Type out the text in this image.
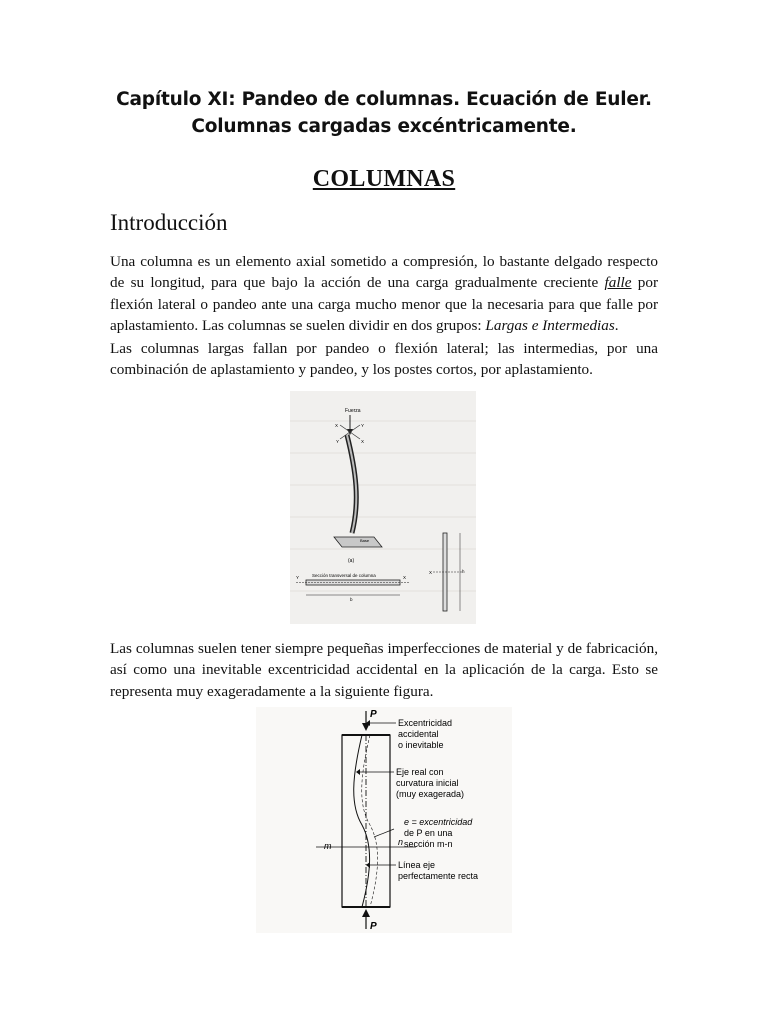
Capítulo XI: Pandeo de columnas. Ecuación de Euler.
Columnas cargadas excéntricamente.
COLUMNAS
Introducción

Una columna es un elemento axial sometido a compresión, lo bastante delgado respecto
de su longitud, para que bajo la acción de una carga gradualmente creciente falle por
flexión lateral o pandeo ante una carga mucho menor que la necesaria para que falle por
aplastamiento. Las columnas se suelen dividir en dos grupos: Largas e Intermedias.

Las columnas largas fallan por pandeo o flexión lateral; las intermedias, por una
combinación de aplastamiento y pandeo, y los postes cortos, por aplastamiento.

Fuerza
X	Y
Y	X
Base
(a)
Sección transversal de columna
Y	X
b
X	h

Las columnas suelen tener siempre pequeñas imperfecciones de material y de fabricación,
así como una inevitable excentricidad accidental en la aplicación de la carga. Esto se
representa muy exageradamente a la siguiente figura.

P
m	n
P
Excentricidad
accidental
o inevitable
Eje real con
curvatura inicial
(muy exagerada)
e = excentricidad
de P en una
sección m-n
Línea eje
perfectamente recta
